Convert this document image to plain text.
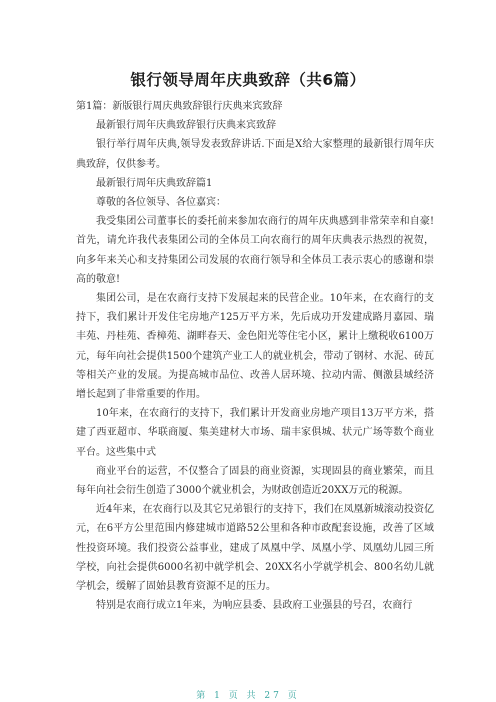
银行领导周年庆典致辞（共6篇）

第1篇：新版银行周庆典致辞银行庆典来宾致辞

最新银行周年庆典致辞银行庆典来宾致辞

银行举行周年庆典,领导发表致辞讲话.下面是X给大家整理的最新银行周年庆典致辞，仅供参考。

最新银行周年庆典致辞篇1

尊敬的各位领导、各位嘉宾：

我受集团公司董事长的委托前来参加农商行的周年庆典感到非常荣幸和自豪!首先，请允许我代表集团公司的全体员工向农商行的周年庆典表示热烈的祝贺，向多年来关心和支持集团公司发展的农商行领导和全体员工表示衷心的感谢和崇高的敬意!

集团公司，是在农商行支持下发展起来的民营企业。10年来，在农商行的支持下，我们累计开发住宅房地产125万平方米，先后成功开发建成路月嘉园、瑞丰苑、丹桂苑、香樟苑、湖畔春天、金色阳光等住宅小区，累计上缴税收6100万元，每年向社会提供1500个建筑产业工人的就业机会，带动了钢材、水泥、砖瓦等相关产业的发展。为提高城市品位、改善人居环境、拉动内需、侧激县域经济增长起到了非常重要的作用。

10年来，在农商行的支持下，我们累计开发商业房地产项目13万平方米，搭建了西亚超市、华联商厦、集美建材大市场、瑞丰家俱城、状元广场等数个商业平台。这些集中式

商业平台的运营，不仅整合了固县的商业资源，实现固县的商业繁荣，而且每年向社会衍生创造了3000个就业机会，为财政创造近20XX万元的税源。

近4年来，在农商行以及其它兄弟银行的支持下，我们在凤凰新城滚动投资亿元，在6平方公里范围内修建城市道路52公里和各种市政配套设施，改善了区域性投资环境。我们投资公益事业，建成了凤凰中学、凤凰小学、凤凰幼儿园三所学校，向社会提供6000名初中就学机会、20XX名小学就学机会、800名幼儿就学机会，缓解了固始县教育资源不足的压力。

特别是农商行成立1年来，为响应县委、县政府工业强县的号召，农商行

第 1 页 共 27 页
